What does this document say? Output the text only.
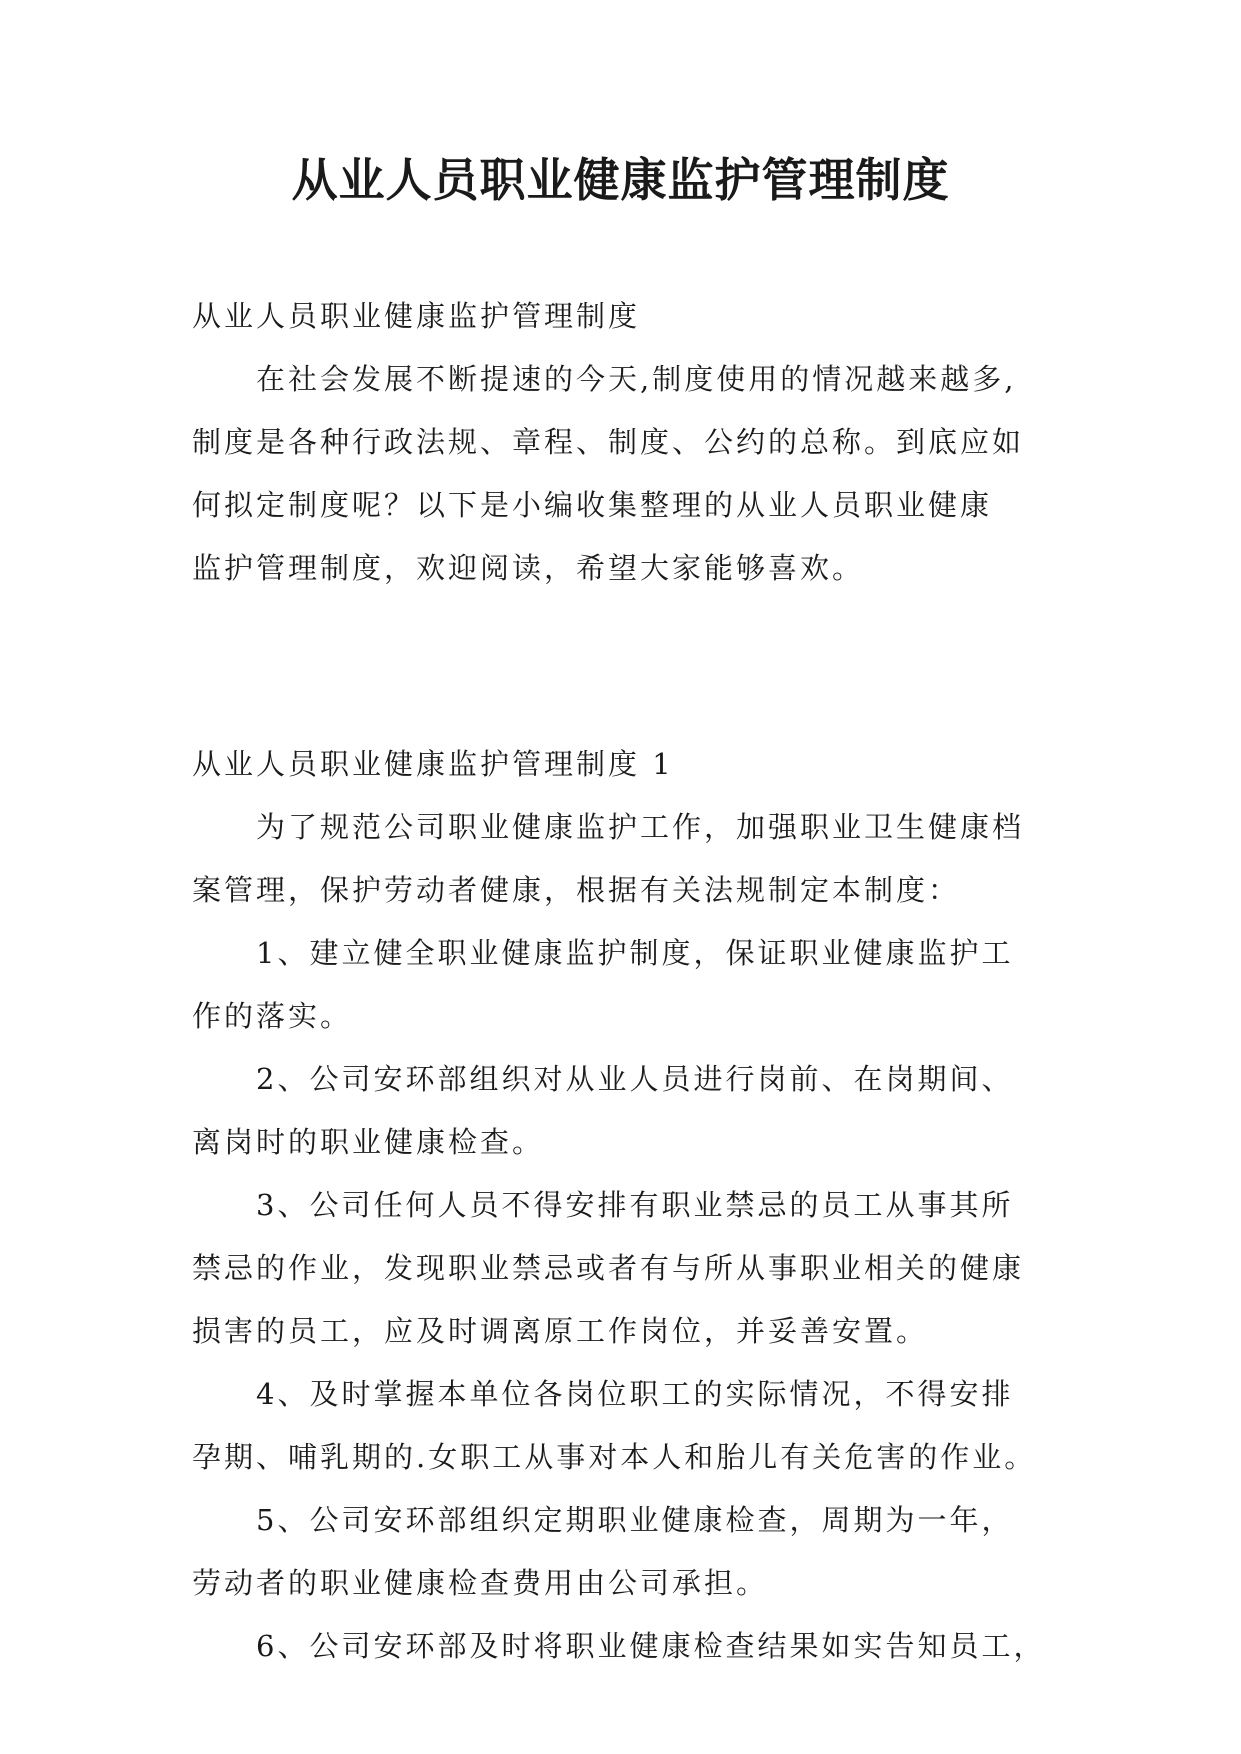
从业人员职业健康监护管理制度

从业人员职业健康监护管理制度

在社会发展不断提速的今天,制度使用的情况越来越多,

制度是各种行政法规、章程、制度、公约的总称。到底应如

何拟定制度呢？以下是小编收集整理的从业人员职业健康

监护管理制度，欢迎阅读，希望大家能够喜欢。

从业人员职业健康监护管理制度 1

为了规范公司职业健康监护工作，加强职业卫生健康档

案管理，保护劳动者健康，根据有关法规制定本制度：

1、建立健全职业健康监护制度，保证职业健康监护工

作的落实。

2、公司安环部组织对从业人员进行岗前、在岗期间、

离岗时的职业健康检查。

3、公司任何人员不得安排有职业禁忌的员工从事其所

禁忌的作业，发现职业禁忌或者有与所从事职业相关的健康

损害的员工，应及时调离原工作岗位，并妥善安置。

4、及时掌握本单位各岗位职工的实际情况，不得安排

孕期、哺乳期的.女职工从事对本人和胎儿有关危害的作业。

5、公司安环部组织定期职业健康检查，周期为一年，

劳动者的职业健康检查费用由公司承担。

6、公司安环部及时将职业健康检查结果如实告知员工，
